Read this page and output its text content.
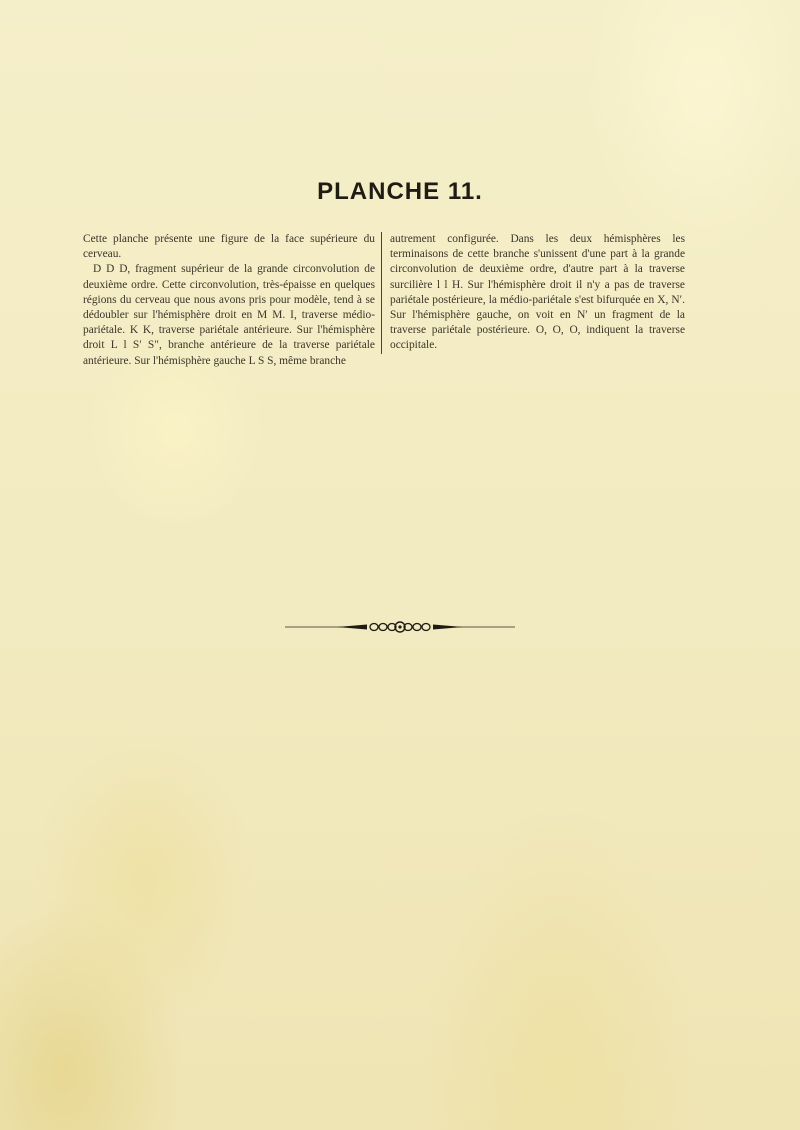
PLANCHE 11.

Cette planche présente une figure de la face supérieure du cerveau.

D D D, fragment supérieur de la grande circonvolution de deuxième ordre. Cette circonvolution, très-épaisse en quelques régions du cerveau que nous avons pris pour modèle, tend à se dédoubler sur l'hémisphère droit en M M. I, traverse médio-pariétale. K K, traverse pariétale antérieure. Sur l'hémisphère droit L l S′ S″, branche antérieure de la traverse pariétale antérieure. Sur l'hémisphère gauche L S S, même branche

autrement configurée. Dans les deux hémisphères les terminaisons de cette branche s'unissent d'une part à la grande circonvolution de deuxième ordre, d'autre part à la traverse surcilière l l H. Sur l'hémisphère droit il n'y a pas de traverse pariétale postérieure, la médio-pariétale s'est bifurquée en X, N′. Sur l'hémisphère gauche, on voit en N′ un fragment de la traverse pariétale postérieure. O, O, O, indiquent la traverse occipitale.
